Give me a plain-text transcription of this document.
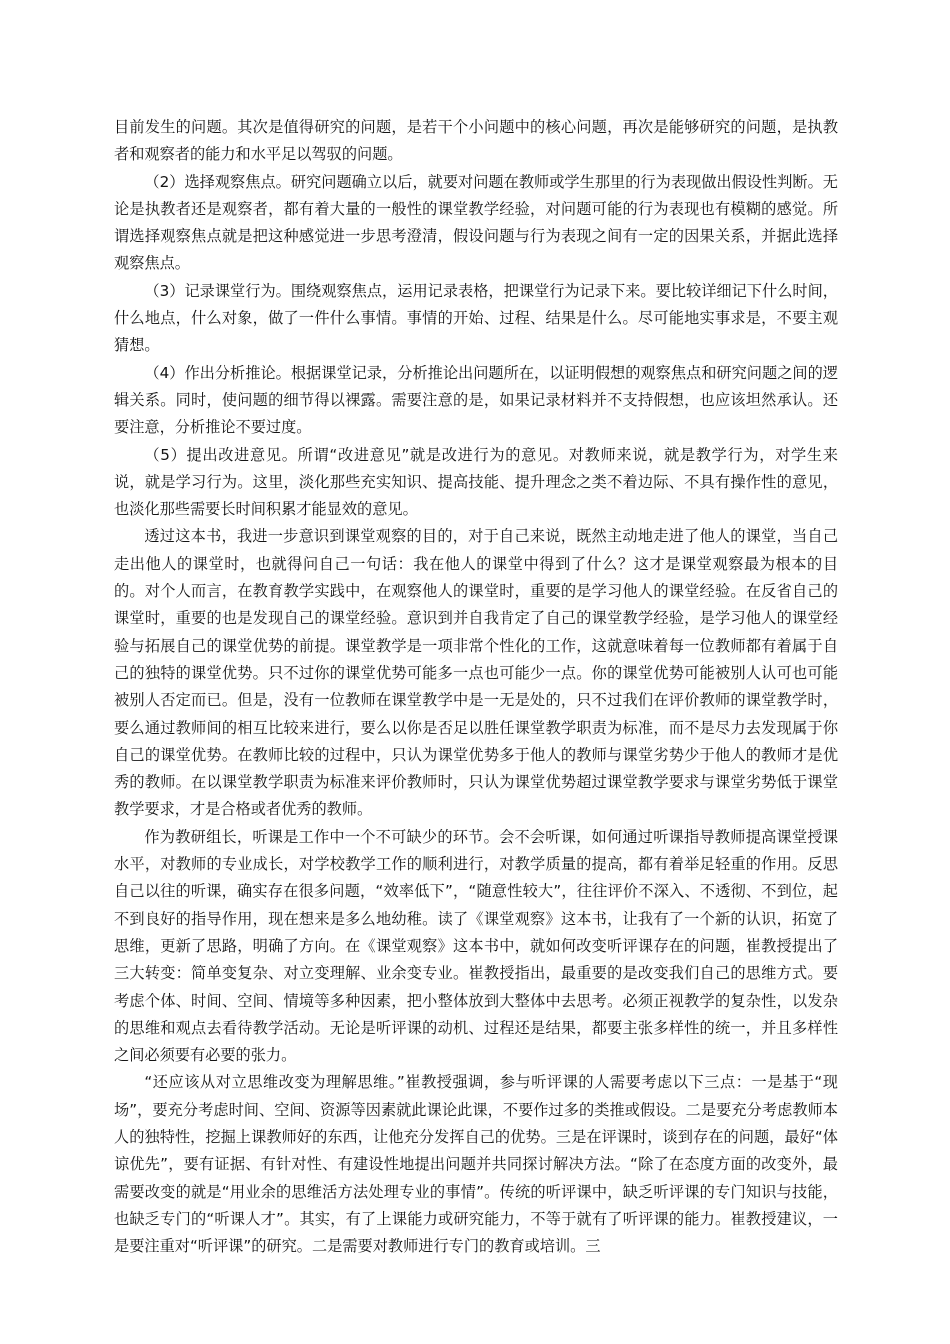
目前发生的问题。其次是值得研究的问题，是若干个小问题中的核心问题，再次是能够研究的问题，是执教者和观察者的能力和水平足以驾驭的问题。

（2）选择观察焦点。研究问题确立以后，就要对问题在教师或学生那里的行为表现做出假设性判断。无论是执教者还是观察者，都有着大量的一般性的课堂教学经验，对问题可能的行为表现也有模糊的感觉。所谓选择观察焦点就是把这种感觉进一步思考澄清，假设问题与行为表现之间有一定的因果关系，并据此选择观察焦点。

（3）记录课堂行为。围绕观察焦点，运用记录表格，把课堂行为记录下来。要比较详细记下什么时间，什么地点，什么对象，做了一件什么事情。事情的开始、过程、结果是什么。尽可能地实事求是，不要主观猜想。

（4）作出分析推论。根据课堂记录，分析推论出问题所在，以证明假想的观察焦点和研究问题之间的逻辑关系。同时，使问题的细节得以裸露。需要注意的是，如果记录材料并不支持假想，也应该坦然承认。还要注意，分析推论不要过度。

（5）提出改进意见。所谓“改进意见”就是改进行为的意见。对教师来说，就是教学行为，对学生来说，就是学习行为。这里，淡化那些充实知识、提高技能、提升理念之类不着边际、不具有操作性的意见，也淡化那些需要长时间积累才能显效的意见。

透过这本书，我进一步意识到课堂观察的目的，对于自己来说，既然主动地走进了他人的课堂，当自己走出他人的课堂时，也就得问自己一句话：我在他人的课堂中得到了什么？这才是课堂观察最为根本的目的。对个人而言，在教育教学实践中，在观察他人的课堂时，重要的是学习他人的课堂经验。在反省自己的课堂时，重要的也是发现自己的课堂经验。意识到并自我肯定了自己的课堂教学经验，是学习他人的课堂经验与拓展自己的课堂优势的前提。课堂教学是一项非常个性化的工作，这就意味着每一位教师都有着属于自己的独特的课堂优势。只不过你的课堂优势可能多一点也可能少一点。你的课堂优势可能被别人认可也可能被别人否定而已。但是，没有一位教师在课堂教学中是一无是处的，只不过我们在评价教师的课堂教学时，要么通过教师间的相互比较来进行，要么以你是否足以胜任课堂教学职责为标准，而不是尽力去发现属于你自己的课堂优势。在教师比较的过程中，只认为课堂优势多于他人的教师与课堂劣势少于他人的教师才是优秀的教师。在以课堂教学职责为标准来评价教师时，只认为课堂优势超过课堂教学要求与课堂劣势低于课堂教学要求，才是合格或者优秀的教师。

作为教研组长，听课是工作中一个不可缺少的环节。会不会听课，如何通过听课指导教师提高课堂授课水平，对教师的专业成长，对学校教学工作的顺利进行，对教学质量的提高，都有着举足轻重的作用。反思自己以往的听课，确实存在很多问题，“效率低下”，“随意性较大”，往往评价不深入、不透彻、不到位，起不到良好的指导作用，现在想来是多么地幼稚。读了《课堂观察》这本书，让我有了一个新的认识，拓宽了思维，更新了思路，明确了方向。在《课堂观察》这本书中，就如何改变听评课存在的问题，崔教授提出了三大转变：简单变复杂、对立变理解、业余变专业。崔教授指出，最重要的是改变我们自己的思维方式。要考虑个体、时间、空间、情境等多种因素，把小整体放到大整体中去思考。必须正视教学的复杂性，以发杂的思维和观点去看待教学活动。无论是听评课的动机、过程还是结果，都要主张多样性的统一，并且多样性之间必须要有必要的张力。

“还应该从对立思维改变为理解思维。”崔教授强调，参与听评课的人需要考虑以下三点：一是基于“现场”，要充分考虑时间、空间、资源等因素就此课论此课，不要作过多的类推或假设。二是要充分考虑教师本人的独特性，挖掘上课教师好的东西，让他充分发挥自己的优势。三是在评课时，谈到存在的问题，最好“体谅优先”，要有证据、有针对性、有建设性地提出问题并共同探讨解决方法。“除了在态度方面的改变外，最需要改变的就是“用业余的思维活方法处理专业的事情”。传统的听评课中，缺乏听评课的专门知识与技能，也缺乏专门的“听课人才”。其实，有了上课能力或研究能力，不等于就有了听评课的能力。崔教授建议，一是要注重对“听评课”的研究。二是需要对教师进行专门的教育或培训。三
